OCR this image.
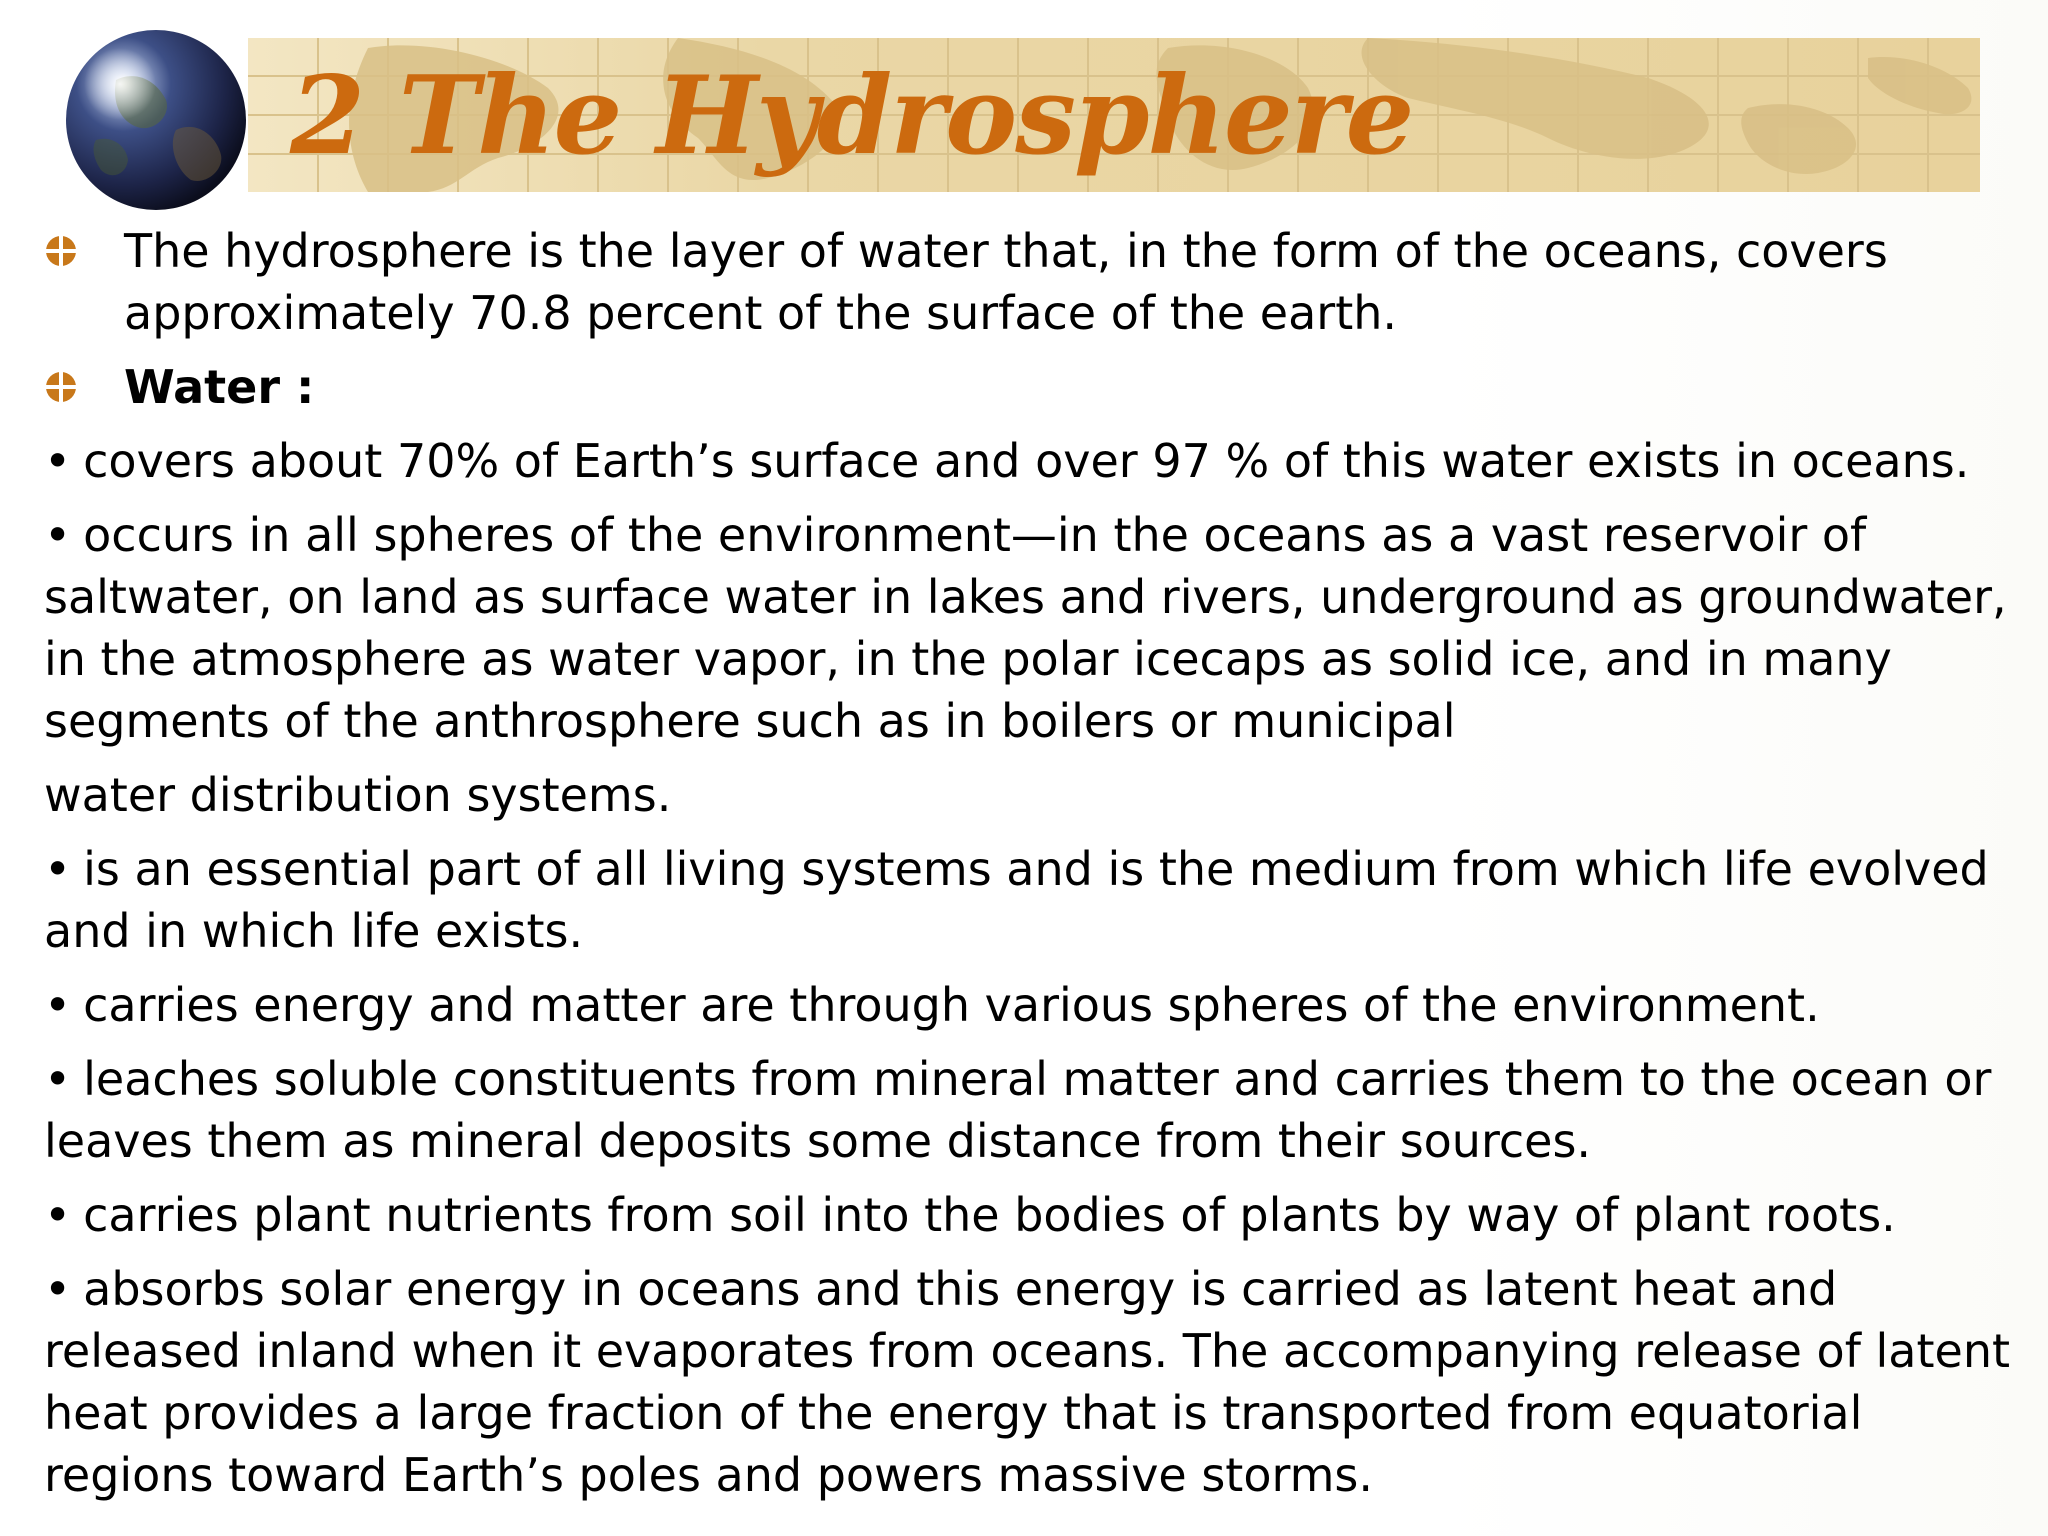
2 The Hydrosphere
The hydrosphere is the layer of water that, in the form of the oceans, covers approximately 70.8 percent of the surface of the earth.
Water :
• covers about 70% of Earth’s surface and over 97 % of this water exists in oceans.
• occurs in all spheres of the environment—in the oceans as a vast reservoir of saltwater, on land as surface water in lakes and rivers, underground as groundwater, in the atmosphere as water vapor, in the polar icecaps as solid ice, and in many segments of the anthrosphere such as in boilers or municipal
water distribution systems.
• is an essential part of all living systems and is the medium from which life evolved and in which life exists.
• carries energy and matter are through various spheres of the environment.
• leaches soluble constituents from mineral matter and carries them to the ocean or leaves them as mineral deposits some distance from their sources.
• carries plant nutrients from soil into the bodies of plants by way of plant roots.
• absorbs solar energy in oceans and this energy is carried as latent heat and released inland when it evaporates from oceans. The accompanying release of latent heat provides a large fraction of the energy that is transported from equatorial regions toward Earth’s poles and powers massive storms.
